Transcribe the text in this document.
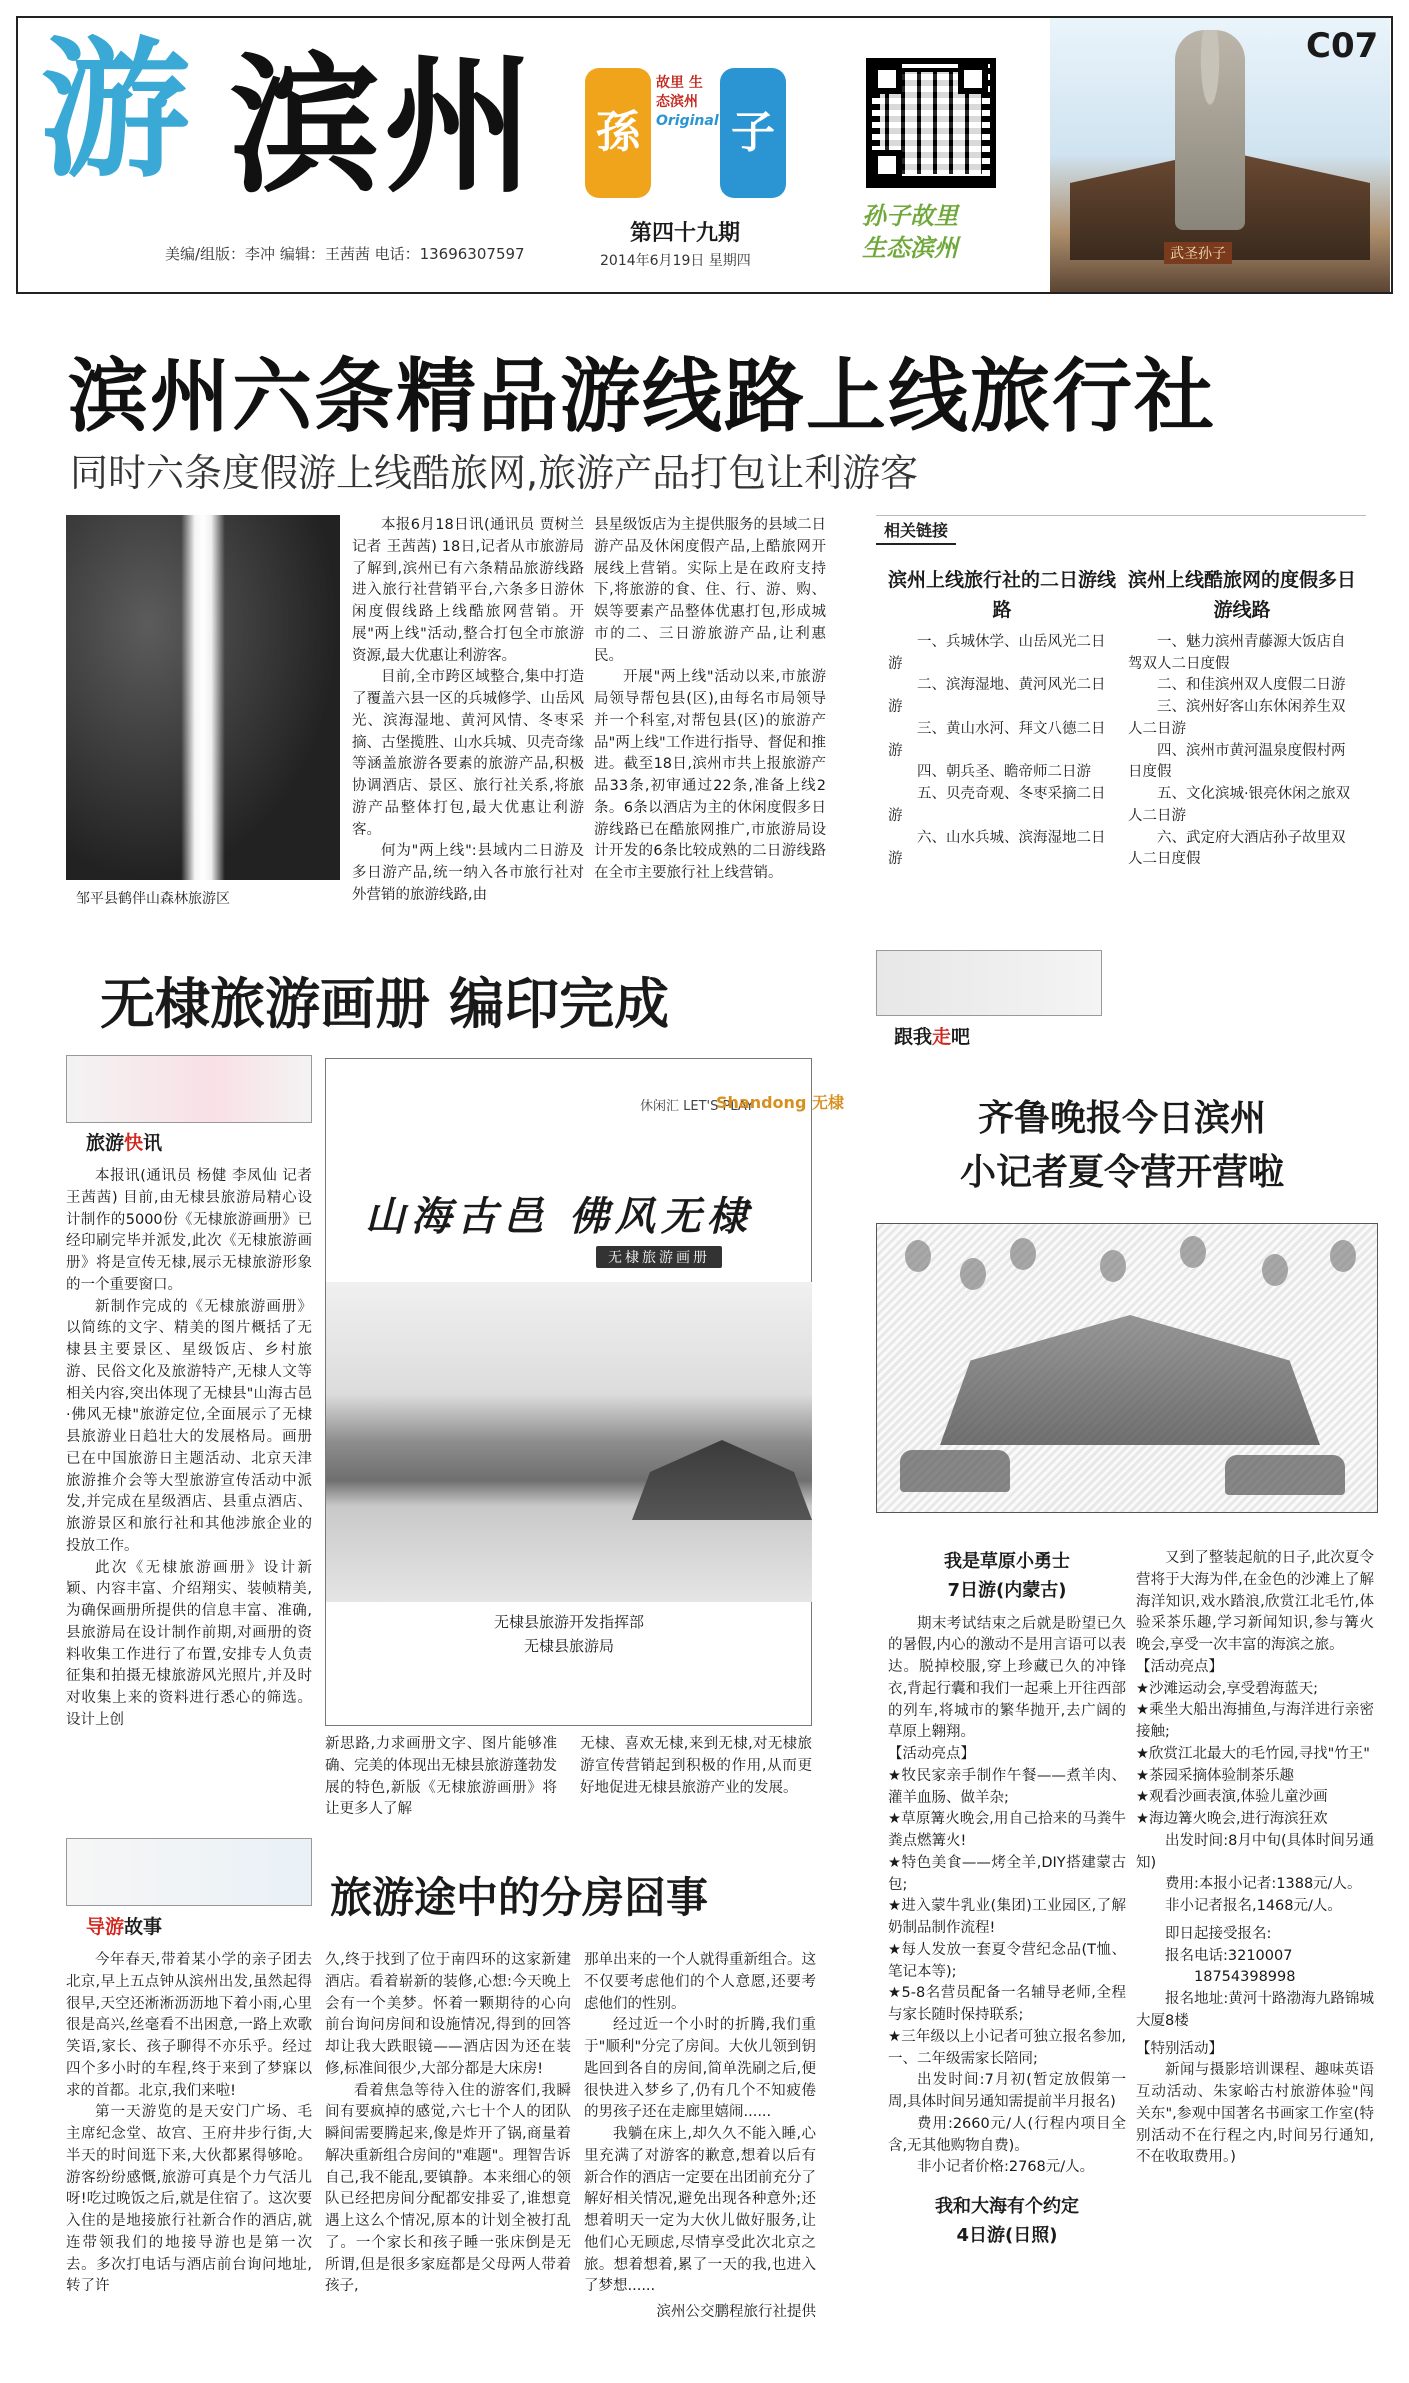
游 滨州
美编/组版：李冲 编辑：王茜茜 电话：13696307597
孫
故里 生态滨州
Original 子
第四十九期
2014年6月19日 星期四
孙子故里
生态滨州	武圣孙子
C07
滨州六条精品游线路上线旅行社
同时六条度假游上线酷旅网,旅游产品打包让利游客
邹平县鹤伴山森林旅游区

本报6月18日讯(通讯员 贾树兰 记者 王茜茜) 18日,记者从市旅游局了解到,滨州已有六条精品旅游线路进入旅行社营销平台,六条多日游休闲度假线路上线酷旅网营销。开展"两上线"活动,整合打包全市旅游资源,最大优惠让利游客。

目前,全市跨区域整合,集中打造了覆盖六县一区的兵城修学、山岳风光、滨海湿地、黄河风情、冬枣采摘、古堡揽胜、山水兵城、贝壳奇缘等涵盖旅游各要素的旅游产品,积极协调酒店、景区、旅行社关系,将旅游产品整体打包,最大优惠让利游客。

何为"两上线":县域内二日游及多日游产品,统一纳入各市旅行社对外营销的旅游线路,由

县星级饭店为主提供服务的县域二日游产品及休闲度假产品,上酷旅网开展线上营销。实际上是在政府支持下,将旅游的食、住、行、游、购、娱等要素产品整体优惠打包,形成城市的二、三日游旅游产品,让利惠民。

开展"两上线"活动以来,市旅游局领导帮包县(区),由每名市局领导并一个科室,对帮包县(区)的旅游产品"两上线"工作进行指导、督促和推进。截至18日,滨州市共上报旅游产品33条,初审通过22条,准备上线2条。6条以酒店为主的休闲度假多日游线路已在酷旅网推广,市旅游局设计开发的6条比较成熟的二日游线路在全市主要旅行社上线营销。

相关链接
滨州上线旅行社的二日游线路
一、兵城休学、山岳风光二日游
二、滨海湿地、黄河风光二日游
三、黄山水河、拜文八德二日游
四、朝兵圣、瞻帝师二日游
五、贝壳奇观、冬枣采摘二日游
六、山水兵城、滨海湿地二日游
滨州上线酷旅网的度假多日游线路
一、魅力滨州青藤源大饭店自驾双人二日度假
二、和佳滨州双人度假二日游
三、滨州好客山东休闲养生双人二日游
四、滨州市黄河温泉度假村两日度假
五、文化滨城·银亮休闲之旅双人二日游
六、武定府大酒店孙子故里双人二日度假
无棣旅游画册 编印完成
旅游快讯

本报讯(通讯员 杨健 李凤仙 记者 王茜茜) 目前,由无棣县旅游局精心设计制作的5000份《无棣旅游画册》已经印刷完毕并派发,此次《无棣旅游画册》将是宣传无棣,展示无棣旅游形象的一个重要窗口。

新制作完成的《无棣旅游画册》以简练的文字、精美的图片概括了无棣县主要景区、星级饭店、乡村旅游、民俗文化及旅游特产,无棣人文等相关内容,突出体现了无棣县"山海古邑·佛风无棣"旅游定位,全面展示了无棣县旅游业日趋壮大的发展格局。画册已在中国旅游日主题活动、北京天津旅游推介会等大型旅游宣传活动中派发,并完成在星级酒店、县重点酒店、旅游景区和旅行社和其他涉旅企业的投放工作。

此次《无棣旅游画册》设计新颖、内容丰富、介绍翔实、装帧精美,为确保画册所提供的信息丰富、准确,县旅游局在设计制作前期,对画册的资料收集工作进行了布置,安排专人负责征集和拍摄无棣旅游风光照片,并及时对收集上来的资料进行悉心的筛选。设计上创

休闲汇 LET'S PLAY
Shandong 无棣
山海古邑 佛风无棣
无棣旅游画册
无棣县旅游开发指挥部
无棣县旅游局
新思路,力求画册文字、图片能够准确、完美的体现出无棣县旅游蓬勃发展的特色,新版《无棣旅游画册》将让更多人了解
无棣、喜欢无棣,来到无棣,对无棣旅游宣传营销起到积极的作用,从而更好地促进无棣县旅游产业的发展。
跟我走吧
齐鲁晚报今日滨州
小记者夏令营开营啦
我是草原小勇士
7日游(内蒙古)

期末考试结束之后就是盼望已久的暑假,内心的激动不是用言语可以表达。脱掉校服,穿上珍藏已久的冲锋衣,背起行囊和我们一起乘上开往西部的列车,将城市的繁华抛开,去广阔的草原上翱翔。

【活动亮点】
★牧民家亲手制作午餐——煮羊肉、灌羊血肠、做羊杂;
★草原篝火晚会,用自己拾来的马粪牛粪点燃篝火!
★特色美食——烤全羊,DIY搭建蒙古包;
★进入蒙牛乳业(集团)工业园区,了解奶制品制作流程!
★每人发放一套夏令营纪念品(T恤、笔记本等);
★5-8名营员配备一名辅导老师,全程与家长随时保持联系;
★三年级以上小记者可独立报名参加,一、二年级需家长陪同;

出发时间:7月初(暂定放假第一周,具体时间另通知需提前半月报名)

费用:2660元/人(行程内项目全含,无其他购物自费)。

非小记者价格:2768元/人。

我和大海有个约定
4日游(日照)

又到了整装起航的日子,此次夏令营将于大海为伴,在金色的沙滩上了解海洋知识,戏水踏浪,欣赏江北毛竹,体验采茶乐趣,学习新闻知识,参与篝火晚会,享受一次丰富的海滨之旅。

【活动亮点】
★沙滩运动会,享受碧海蓝天;
★乘坐大船出海捕鱼,与海洋进行亲密接触;
★欣赏江北最大的毛竹园,寻找"竹王"
★茶园采摘体验制茶乐趣
★观看沙画表演,体验儿童沙画
★海边篝火晚会,进行海滨狂欢

出发时间:8月中旬(具体时间另通知)

费用:本报小记者:1388元/人。

非小记者报名,1468元/人。

即日起接受报名:

报名电话:3210007

18754398998

报名地址:黄河十路渤海九路锦城大厦8楼

【特别活动】

新闻与摄影培训课程、趣味英语互动活动、朱家峪古村旅游体验"闯关东",参观中国著名书画家工作室(特别活动不在行程之内,时间另行通知,不在收取费用。)

导游故事
旅游途中的分房囧事

今年春天,带着某小学的亲子团去北京,早上五点钟从滨州出发,虽然起得很早,天空还淅淅沥沥地下着小雨,心里很是高兴,丝毫看不出困意,一路上欢歌笑语,家长、孩子聊得不亦乐乎。经过四个多小时的车程,终于来到了梦寐以求的首都。北京,我们来啦!

第一天游览的是天安门广场、毛主席纪念堂、故宫、王府井步行街,大半天的时间逛下来,大伙都累得够呛。游客纷纷感慨,旅游可真是个力气活儿呀!吃过晚饭之后,就是住宿了。这次要入住的是地接旅行社新合作的酒店,就连带领我们的地接导游也是第一次去。多次打电话与酒店前台询问地址,转了许

久,终于找到了位于南四环的这家新建酒店。看着崭新的装修,心想:今天晚上会有一个美梦。怀着一颗期待的心向前台询问房间和设施情况,得到的回答却让我大跌眼镜——酒店因为还在装修,标准间很少,大部分都是大床房!

看着焦急等待入住的游客们,我瞬间有要疯掉的感觉,六七十个人的团队瞬间需要腾起来,像是炸开了锅,商量着解决重新组合房间的"难题"。理智告诉自己,我不能乱,要镇静。本来细心的领队已经把房间分配都安排妥了,谁想竟遇上这么个情况,原本的计划全被打乱了。一个家长和孩子睡一张床倒是无所谓,但是很多家庭都是父母两人带着孩子,

那单出来的一个人就得重新组合。这不仅要考虑他们的个人意愿,还要考虑他们的性别。

经过近一个小时的折腾,我们重于"顺利"分完了房间。大伙儿领到钥匙回到各自的房间,简单洗刷之后,便很快进入梦乡了,仍有几个不知疲倦的男孩子还在走廊里嬉闹......

我躺在床上,却久久不能入睡,心里充满了对游客的歉意,想着以后有新合作的酒店一定要在出团前充分了解好相关情况,避免出现各种意外;还想着明天一定为大伙儿做好服务,让他们心无顾虑,尽情享受此次北京之旅。想着想着,累了一天的我,也进入了梦想......

滨州公交鹏程旅行社提供
